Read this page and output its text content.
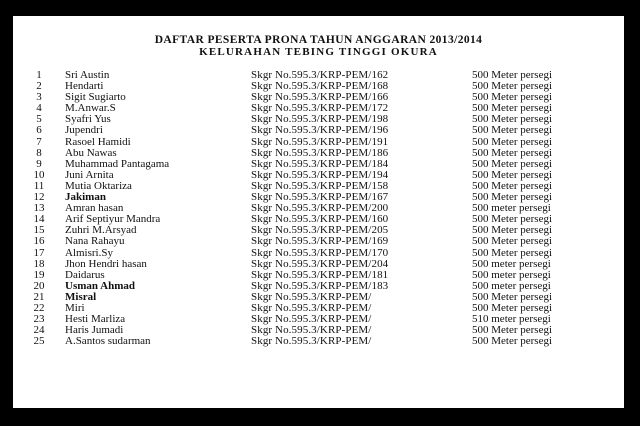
DAFTAR PESERTA PRONA TAHUN ANGGARAN 2013/2014
KELURAHAN TEBING TINGGI OKURA
1	Sri Austin	Skgr No.595.3/KRP-PEM/162	500 Meter persegi
2	Hendarti	Skgr No.595.3/KRP-PEM/168	500 Meter persegi
3	Sigit Sugiarto	Skgr No.595.3/KRP-PEM/166	500 Meter persegi
4	M.Anwar.S	Skgr No.595.3/KRP-PEM/172	500 Meter persegi
5	Syafri Yus	Skgr No.595.3/KRP-PEM/198	500 Meter persegi
6	Jupendri	Skgr No.595.3/KRP-PEM/196	500 Meter persegi
7	Rasoel Hamidi	Skgr No.595.3/KRP-PEM/191	500 Meter persegi
8	Abu Nawas	Skgr No.595.3/KRP-PEM/186	500 Meter persegi
9	Muhammad Pantagama	Skgr No.595.3/KRP-PEM/184	500 Meter persegi
10 Juni Arnita	Skgr No.595.3/KRP-PEM/194	500 Meter persegi
11 Mutia Oktariza	Skgr No.595.3/KRP-PEM/158	500 Meter persegi
12 Jakiman	Skgr No.595.3/KRP-PEM/167	500 Meter persegi
13 Amran hasan	Skgr No.595.3/KRP-PEM/200	500 meter persegi
14 Arif Septiyur Mandra	Skgr No.595.3/KRP-PEM/160	500 Meter persegi
15 Zuhri M.Arsyad	Skgr No.595.3/KRP-PEM/205	500 Meter persegi
16 Nana Rahayu	Skgr No.595.3/KRP-PEM/169	500 Meter persegi
17 Almisri.Sy	Skgr No.595.3/KRP-PEM/170	500 Meter persegi
18 Jhon Hendri hasan	Skgr No.595.3/KRP-PEM/204	500 meter persegi
19 Daidarus	Skgr No.595.3/KRP-PEM/181	500 meter persegi
20 Usman Ahmad	Skgr No.595.3/KRP-PEM/183	500 meter persegi
21 Misral	Skgr No.595.3/KRP-PEM/	500 Meter persegi
22 Miri	Skgr No.595.3/KRP-PEM/	500 Meter persegi
23 Hesti Marliza	Skgr No.595.3/KRP-PEM/	510 meter persegi
24 Haris Jumadi	Skgr No.595.3/KRP-PEM/	500 Meter persegi
25 A.Santos sudarman	Skgr No.595.3/KRP-PEM/	500 Meter persegi
